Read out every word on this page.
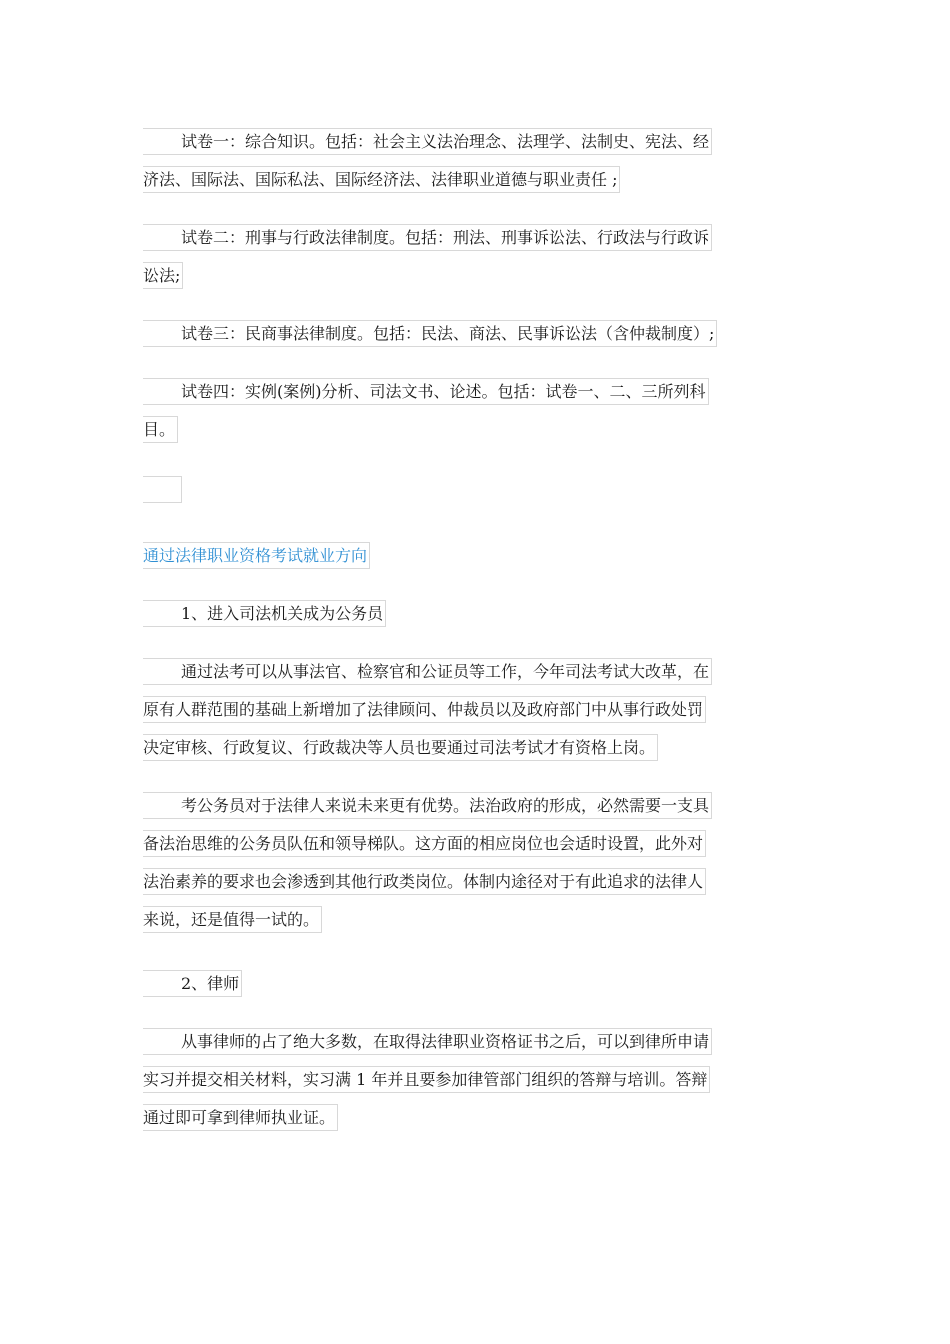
试卷一：综合知识。包括：社会主义法治理念、法理学、法制史、宪法、经
济法、国际法、国际私法、国际经济法、法律职业道德与职业责任 ;
试卷二：刑事与行政法律制度。包括：刑法、刑事诉讼法、行政法与行政诉
讼法;
试卷三：民商事法律制度。包括：民法、商法、民事诉讼法（含仲裁制度）;
试卷四：实例(案例)分析、司法文书、论述。包括：试卷一、二、三所列科
目。
通过法律职业资格考试就业方向
1、进入司法机关成为公务员
通过法考可以从事法官、检察官和公证员等工作，今年司法考试大改革，在
原有人群范围的基础上新增加了法律顾问、仲裁员以及政府部门中从事行政处罚
决定审核、行政复议、行政裁决等人员也要通过司法考试才有资格上岗。
考公务员对于法律人来说未来更有优势。法治政府的形成，必然需要一支具
备法治思维的公务员队伍和领导梯队。这方面的相应岗位也会适时设置，此外对
法治素养的要求也会渗透到其他行政类岗位。体制内途径对于有此追求的法律人
来说，还是值得一试的。
2、律师
从事律师的占了绝大多数，在取得法律职业资格证书之后，可以到律所申请
实习并提交相关材料，实习满 1 年并且要参加律管部门组织的答辩与培训。答辩
通过即可拿到律师执业证。
